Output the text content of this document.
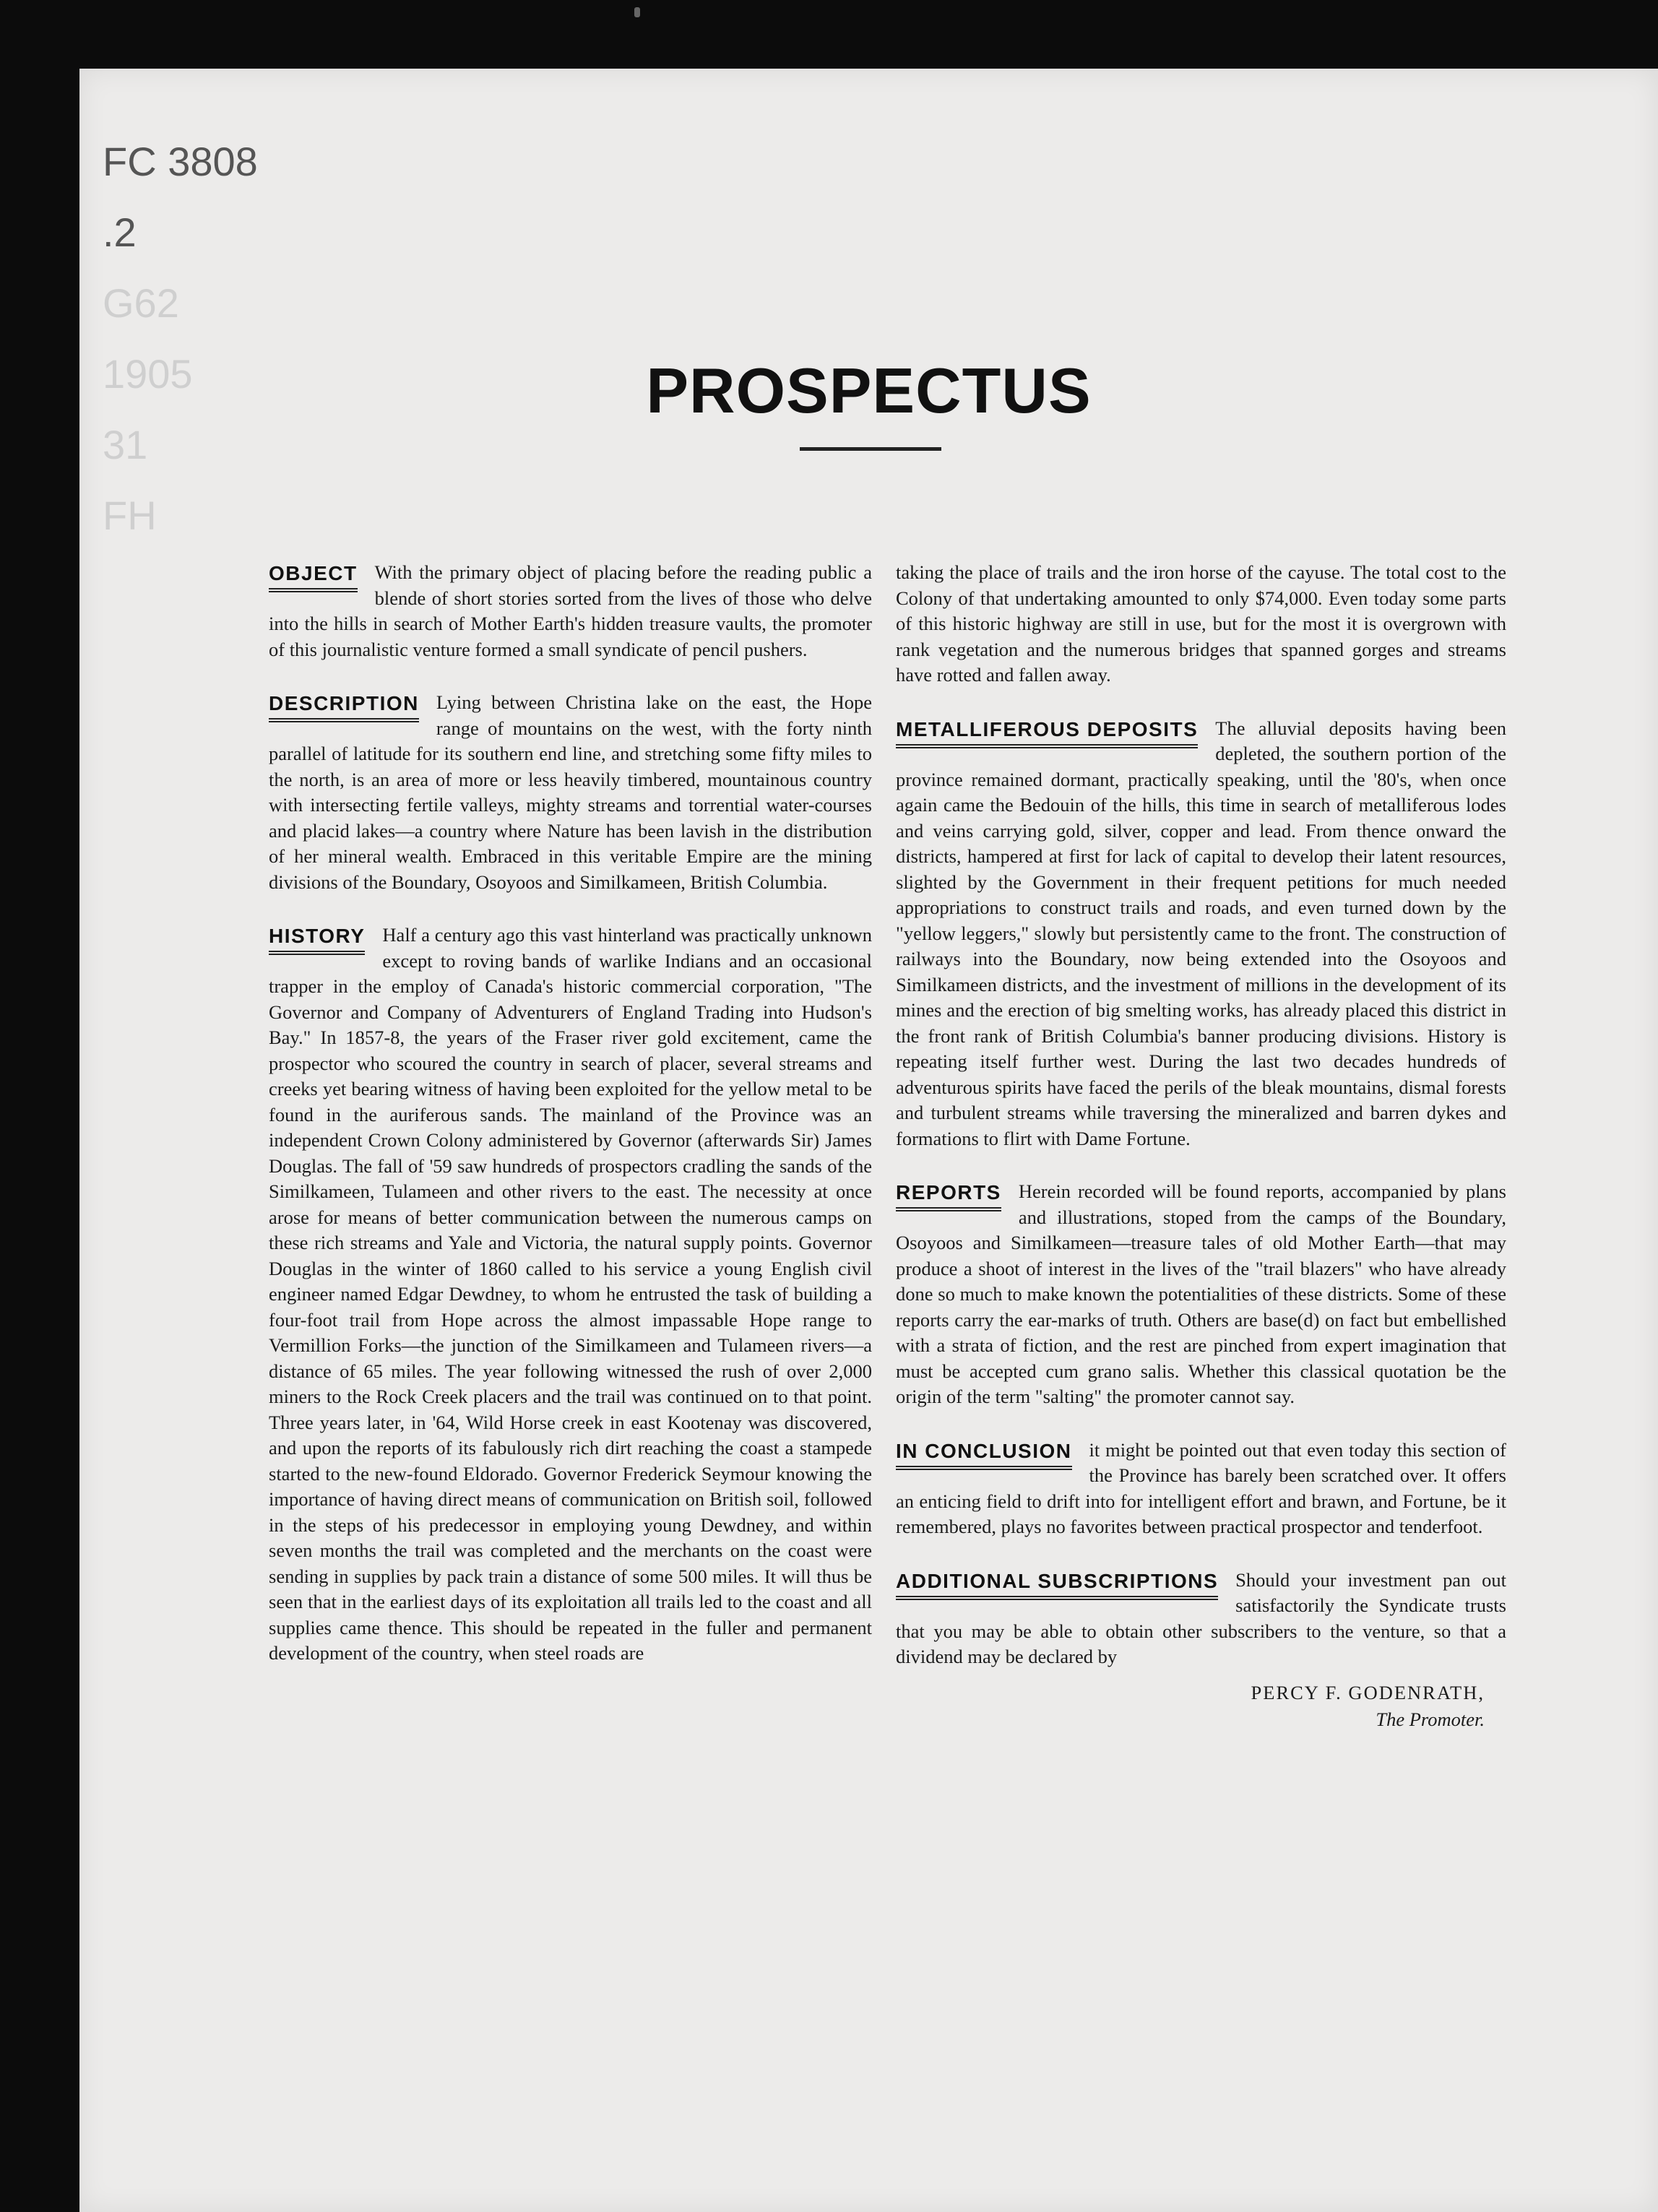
FC 3808
.2
G62
1905
31
FH
PROSPECTUS
OBJECT With the primary object of placing before the reading public a blende of short stories sorted from the lives of those who delve into the hills in search of Mother Earth's hidden treasure vaults, the promoter of this journalistic venture formed a small syndicate of pencil pushers.

DESCRIPTION Lying between Christina lake on the east, the Hope range of mountains on the west, with the forty ninth parallel of latitude for its southern end line, and stretching some fifty miles to the north, is an area of more or less heavily timbered, mountainous country with intersecting fertile valleys, mighty streams and torrential water-courses and placid lakes—a country where Nature has been lavish in the distribution of her mineral wealth. Embraced in this veritable Empire are the mining divisions of the Boundary, Osoyoos and Similkameen, British Columbia.

HISTORY Half a century ago this vast hinterland was practically unknown except to roving bands of warlike Indians and an occasional trapper in the employ of Canada's historic commercial corporation, "The Governor and Company of Adventurers of England Trading into Hudson's Bay." In 1857-8, the years of the Fraser river gold excitement, came the prospector who scoured the country in search of placer, several streams and creeks yet bearing witness of having been exploited for the yellow metal to be found in the auriferous sands. The mainland of the Province was an independent Crown Colony administered by Governor (afterwards Sir) James Douglas. The fall of '59 saw hundreds of prospectors cradling the sands of the Similkameen, Tulameen and other rivers to the east. The necessity at once arose for means of better communication between the numerous camps on these rich streams and Yale and Victoria, the natural supply points. Governor Douglas in the winter of 1860 called to his service a young English civil engineer named Edgar Dewdney, to whom he entrusted the task of building a four-foot trail from Hope across the almost impassable Hope range to Vermillion Forks—the junction of the Similkameen and Tulameen rivers—a distance of 65 miles. The year following witnessed the rush of over 2,000 miners to the Rock Creek placers and the trail was continued on to that point. Three years later, in '64, Wild Horse creek in east Kootenay was discovered, and upon the reports of its fabulously rich dirt reaching the coast a stampede started to the new-found Eldorado. Governor Frederick Seymour knowing the importance of having direct means of communication on British soil, followed in the steps of his predecessor in employing young Dewdney, and within seven months the trail was completed and the merchants on the coast were sending in supplies by pack train a distance of some 500 miles. It will thus be seen that in the earliest days of its exploitation all trails led to the coast and all supplies came thence. This should be repeated in the fuller and permanent development of the country, when steel roads are

taking the place of trails and the iron horse of the cayuse. The total cost to the Colony of that undertaking amounted to only $74,000. Even today some parts of this historic highway are still in use, but for the most it is overgrown with rank vegetation and the numerous bridges that spanned gorges and streams have rotted and fallen away.

METALLIFEROUS DEPOSITS The alluvial deposits having been depleted, the southern portion of the province remained dormant, practically speaking, until the '80's, when once again came the Bedouin of the hills, this time in search of metalliferous lodes and veins carrying gold, silver, copper and lead. From thence onward the districts, hampered at first for lack of capital to develop their latent resources, slighted by the Government in their frequent petitions for much needed appropriations to construct trails and roads, and even turned down by the "yellow leggers," slowly but persistently came to the front. The construction of railways into the Boundary, now being extended into the Osoyoos and Similkameen districts, and the investment of millions in the development of its mines and the erection of big smelting works, has already placed this district in the front rank of British Columbia's banner producing divisions. History is repeating itself further west. During the last two decades hundreds of adventurous spirits have faced the perils of the bleak mountains, dismal forests and turbulent streams while traversing the mineralized and barren dykes and formations to flirt with Dame Fortune.

REPORTS Herein recorded will be found reports, accompanied by plans and illustrations, stoped from the camps of the Boundary, Osoyoos and Similkameen—treasure tales of old Mother Earth—that may produce a shoot of interest in the lives of the "trail blazers" who have already done so much to make known the potentialities of these districts. Some of these reports carry the ear-marks of truth. Others are base(d) on fact but embellished with a strata of fiction, and the rest are pinched from expert imagination that must be accepted cum grano salis. Whether this classical quotation be the origin of the term "salting" the promoter cannot say.

IN CONCLUSION it might be pointed out that even today this section of the Province has barely been scratched over. It offers an enticing field to drift into for intelligent effort and brawn, and Fortune, be it remembered, plays no favorites between practical prospector and tenderfoot.

ADDITIONAL SUBSCRIPTIONS Should your investment pan out satisfactorily the Syndicate trusts that you may be able to obtain other subscribers to the venture, so that a dividend may be declared by

PERCY F. GODENRATH,
The Promoter.
